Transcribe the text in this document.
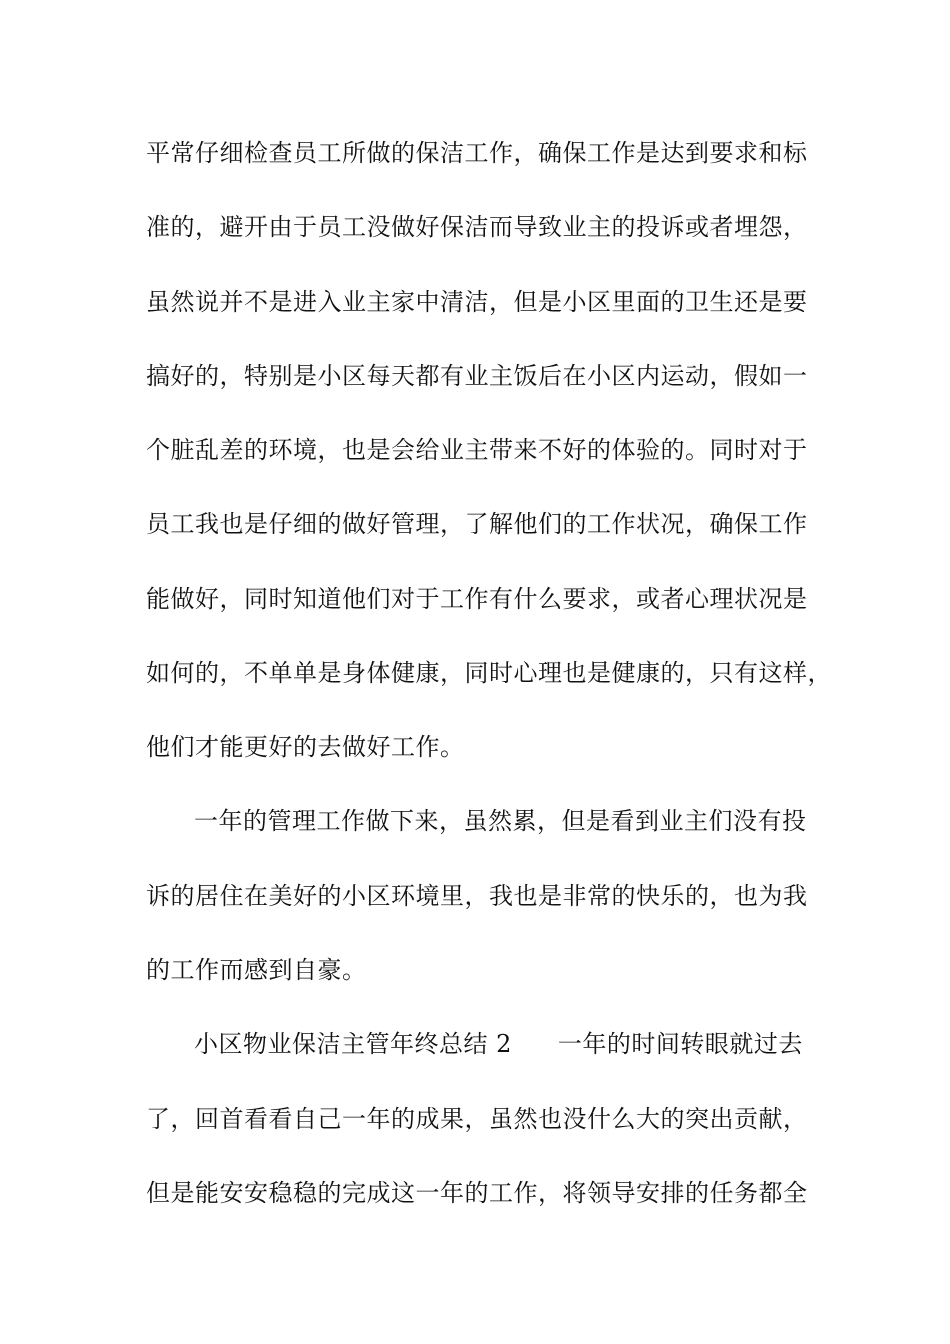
平常仔细检查员工所做的保洁工作，确保工作是达到要求和标
准的，避开由于员工没做好保洁而导致业主的投诉或者埋怨，
虽然说并不是进入业主家中清洁，但是小区里面的卫生还是要
搞好的，特别是小区每天都有业主饭后在小区内运动，假如一
个脏乱差的环境，也是会给业主带来不好的体验的。同时对于
员工我也是仔细的做好管理，了解他们的工作状况，确保工作
能做好，同时知道他们对于工作有什么要求，或者心理状况是
如何的，不单单是身体健康，同时心理也是健康的，只有这样，
他们才能更好的去做好工作。
一年的管理工作做下来，虽然累，但是看到业主们没有投
诉的居住在美好的小区环境里，我也是非常的快乐的，也为我
的工作而感到自豪。
小区物业保洁主管年终总结 2 一年的时间转眼就过去
了，回首看看自己一年的成果，虽然也没什么大的突出贡献，
但是能安安稳稳的完成这一年的工作，将领导安排的任务都全
